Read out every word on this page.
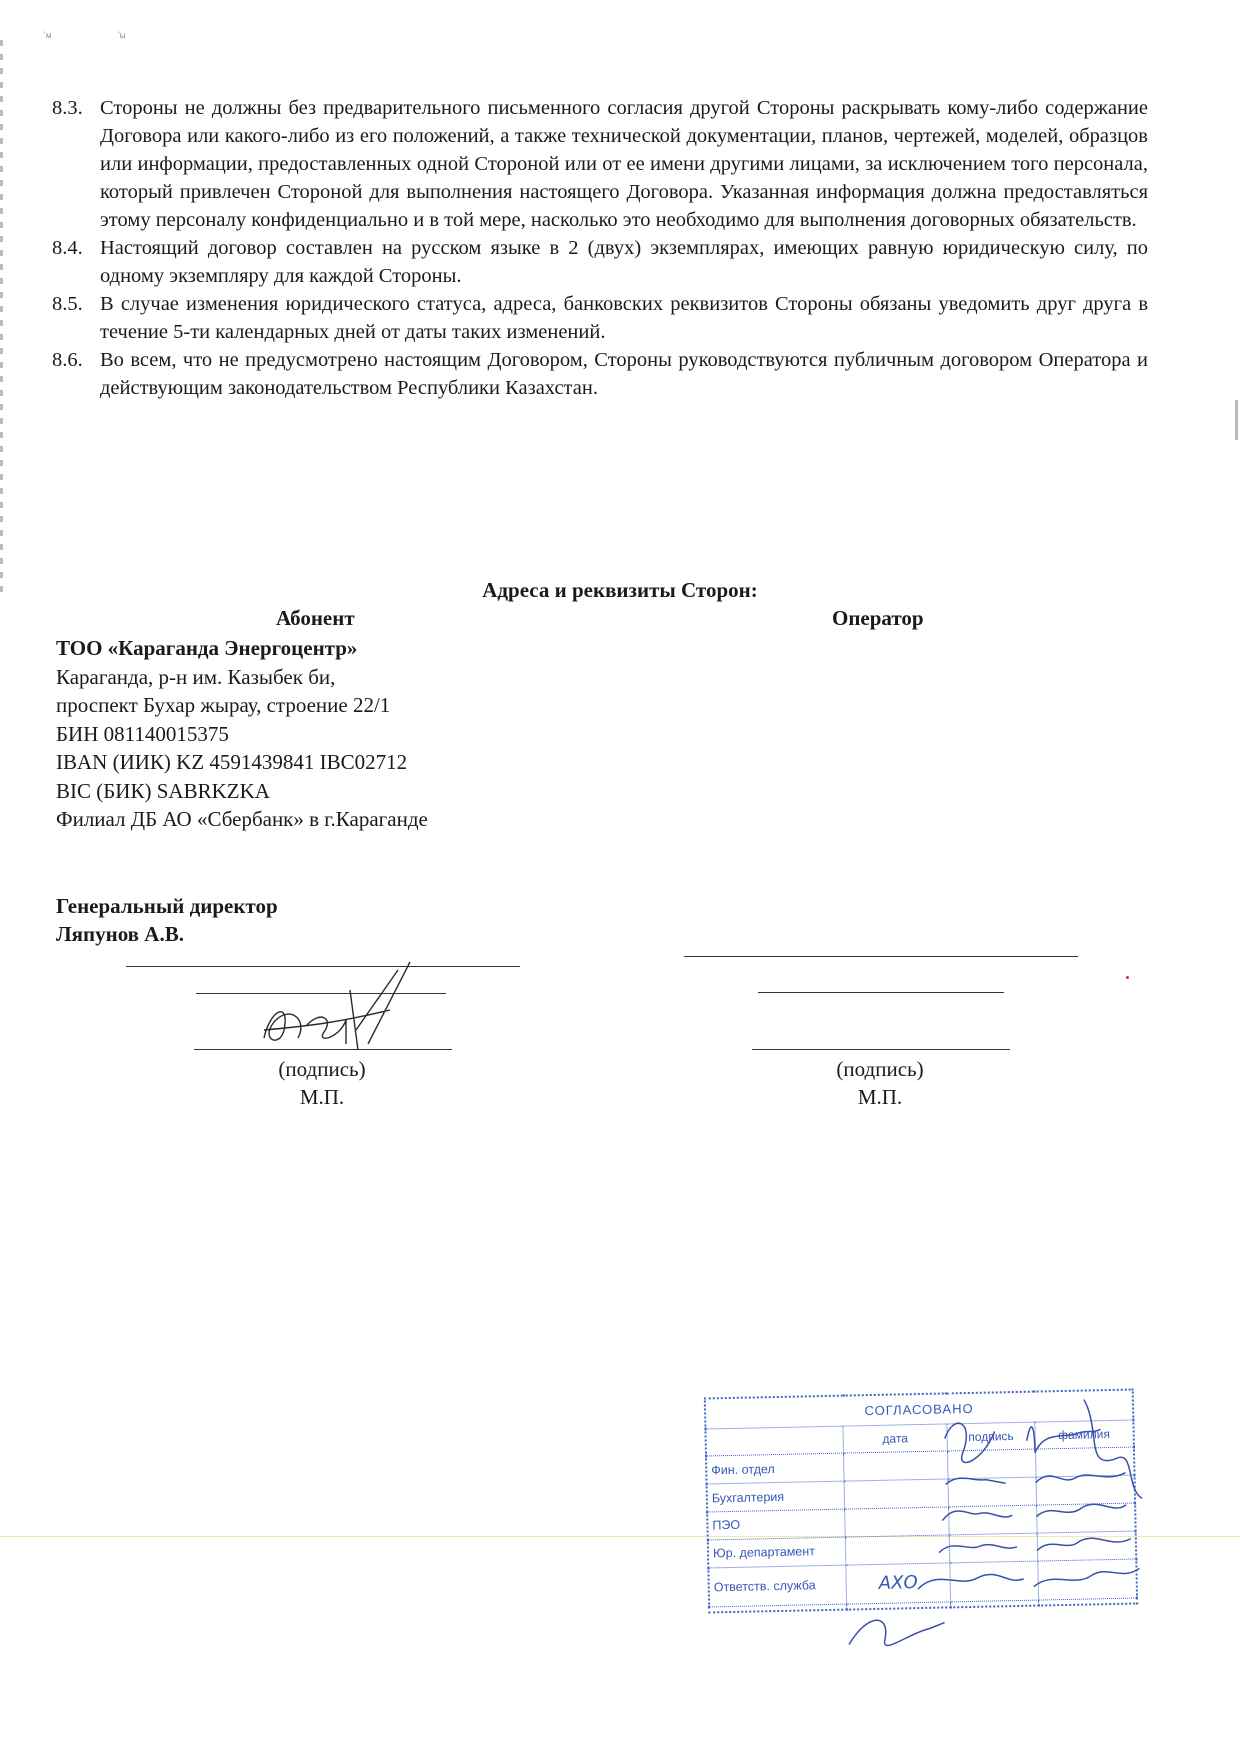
'м	'ы
8.3. Стороны не должны без предварительного письменного согласия другой Стороны раскрывать кому-либо содержание Договора или какого-либо из его положений, а также технической документации, планов, чертежей, моделей, образцов или информации, предоставленных одной Стороной или от ее имени другими лицами, за исключением того персонала, который привлечен Стороной для выполнения настоящего Договора. Указанная информация должна предоставляться этому персоналу конфиденциально и в той мере, насколько это необходимо для выполнения договорных обязательств.
8.4. Настоящий договор составлен на русском языке в 2 (двух) экземплярах, имеющих равную юридическую силу, по одному экземпляру для каждой Стороны.
8.5. В случае изменения юридического статуса, адреса, банковских реквизитов Стороны обязаны уведомить друг друга в течение 5-ти календарных дней от даты таких изменений.
8.6. Во всем, что не предусмотрено настоящим Договором, Стороны руководствуются публичным договором Оператора и действующим законодательством Республики Казахстан.
Адреса и реквизиты Сторон:
Абонент	Оператор
ТОО «Караганда Энергоцентр»
Караганда, р-н им. Казыбек би,
проспект Бухар жырау, строение 22/1
БИН 081140015375
IBAN (ИИК) KZ 4591439841 IBC02712
BIC (БИК) SABRKZKA
Филиал ДБ АО «Сбербанк» в г.Караганде
Генеральный директор
Ляпунов А.В.
(подпись)
М.П.
(подпись)
М.П.
СОГЛАСОВАНО			
	дата	подпись	фамилия
Фин. отдел			
Бухгалтерия			
ПЭО			
Юр. департамент			
Ответств. служба	АХО		
